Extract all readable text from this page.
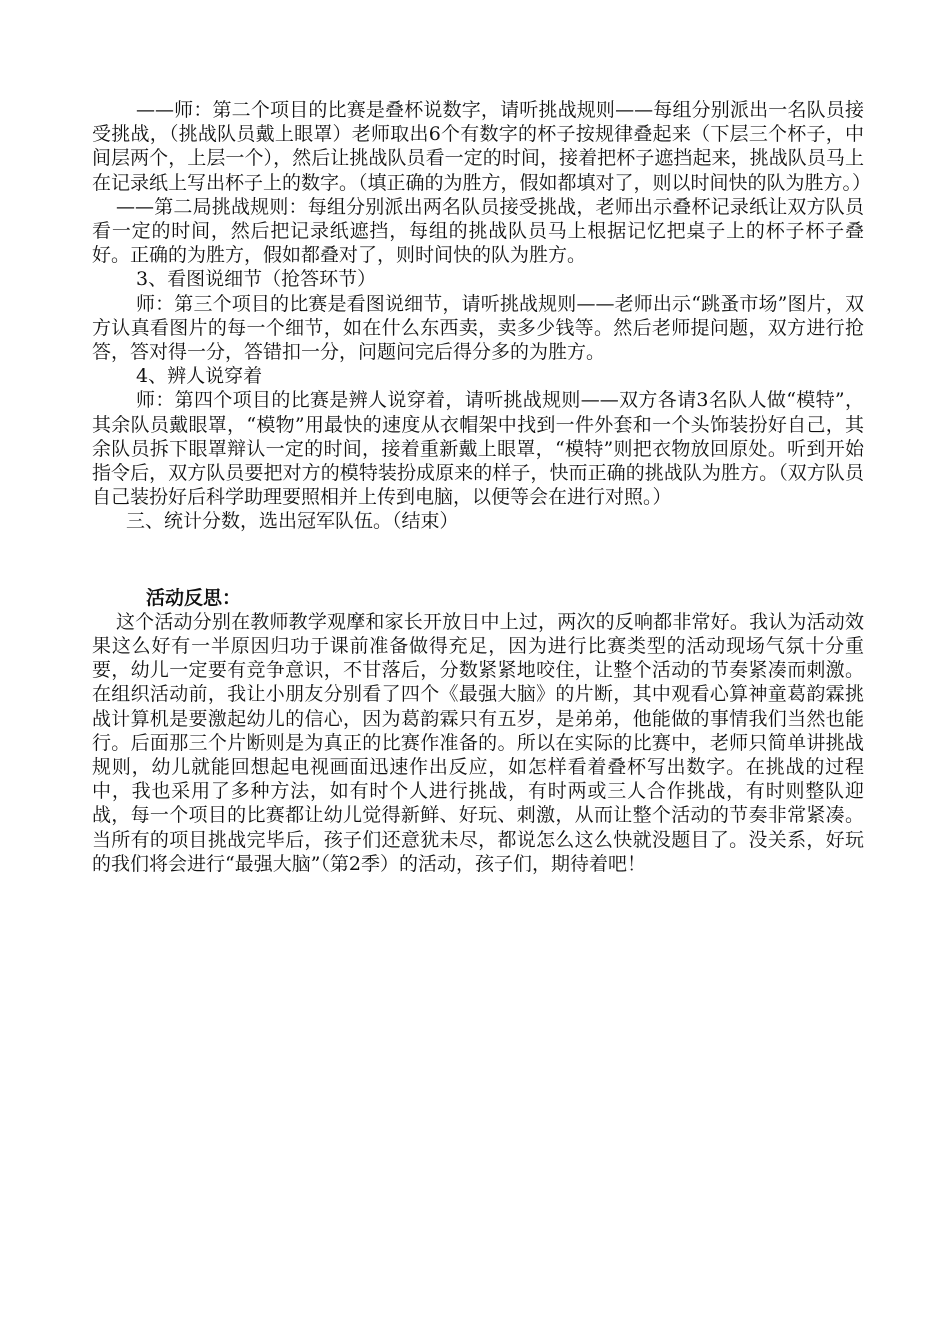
——师：第二个项目的比赛是叠杯说数字，请听挑战规则——每组分别派出一名队员接受挑战，（挑战队员戴上眼罩）老师取出6个有数字的杯子按规律叠起来（下层三个杯子，中间层两个，上层一个），然后让挑战队员看一定的时间，接着把杯子遮挡起来，挑战队员马上在记录纸上写出杯子上的数字。（填正确的为胜方，假如都填对了，则以时间快的队为胜方。）

——第二局挑战规则：每组分别派出两名队员接受挑战，老师出示叠杯记录纸让双方队员看一定的时间，然后把记录纸遮挡，每组的挑战队员马上根据记忆把桌子上的杯子杯子叠好。正确的为胜方，假如都叠对了，则时间快的队为胜方。

3、看图说细节（抢答环节）

师：第三个项目的比赛是看图说细节，请听挑战规则——老师出示“跳蚤市场”图片，双方认真看图片的每一个细节，如在什么东西卖，卖多少钱等。然后老师提问题，双方进行抢答，答对得一分，答错扣一分，问题问完后得分多的为胜方。

4、辨人说穿着

师：第四个项目的比赛是辨人说穿着，请听挑战规则——双方各请3名队人做“模特”，其余队员戴眼罩，“模物”用最快的速度从衣帽架中找到一件外套和一个头饰装扮好自己，其余队员拆下眼罩辩认一定的时间，接着重新戴上眼罩，“模特”则把衣物放回原处。听到开始指令后，双方队员要把对方的模特装扮成原来的样子，快而正确的挑战队为胜方。（双方队员自己装扮好后科学助理要照相并上传到电脑，以便等会在进行对照。）

三、统计分数，选出冠军队伍。（结束）

活动反思：

这个活动分别在教师教学观摩和家长开放日中上过，两次的反响都非常好。我认为活动效果这么好有一半原因归功于课前准备做得充足，因为进行比赛类型的活动现场气氛十分重要，幼儿一定要有竞争意识，不甘落后，分数紧紧地咬住，让整个活动的节奏紧凑而刺激。在组织活动前，我让小朋友分别看了四个《最强大脑》的片断，其中观看心算神童葛韵霖挑战计算机是要激起幼儿的信心，因为葛韵霖只有五岁，是弟弟，他能做的事情我们当然也能行。后面那三个片断则是为真正的比赛作准备的。所以在实际的比赛中，老师只简单讲挑战规则，幼儿就能回想起电视画面迅速作出反应，如怎样看着叠杯写出数字。在挑战的过程中，我也采用了多种方法，如有时个人进行挑战，有时两或三人合作挑战，有时则整队迎战，每一个项目的比赛都让幼儿觉得新鲜、好玩、刺激，从而让整个活动的节奏非常紧凑。当所有的项目挑战完毕后，孩子们还意犹未尽，都说怎么这么快就没题目了。没关系，好玩的我们将会进行“最强大脑”（第2季）的活动，孩子们，期待着吧！
